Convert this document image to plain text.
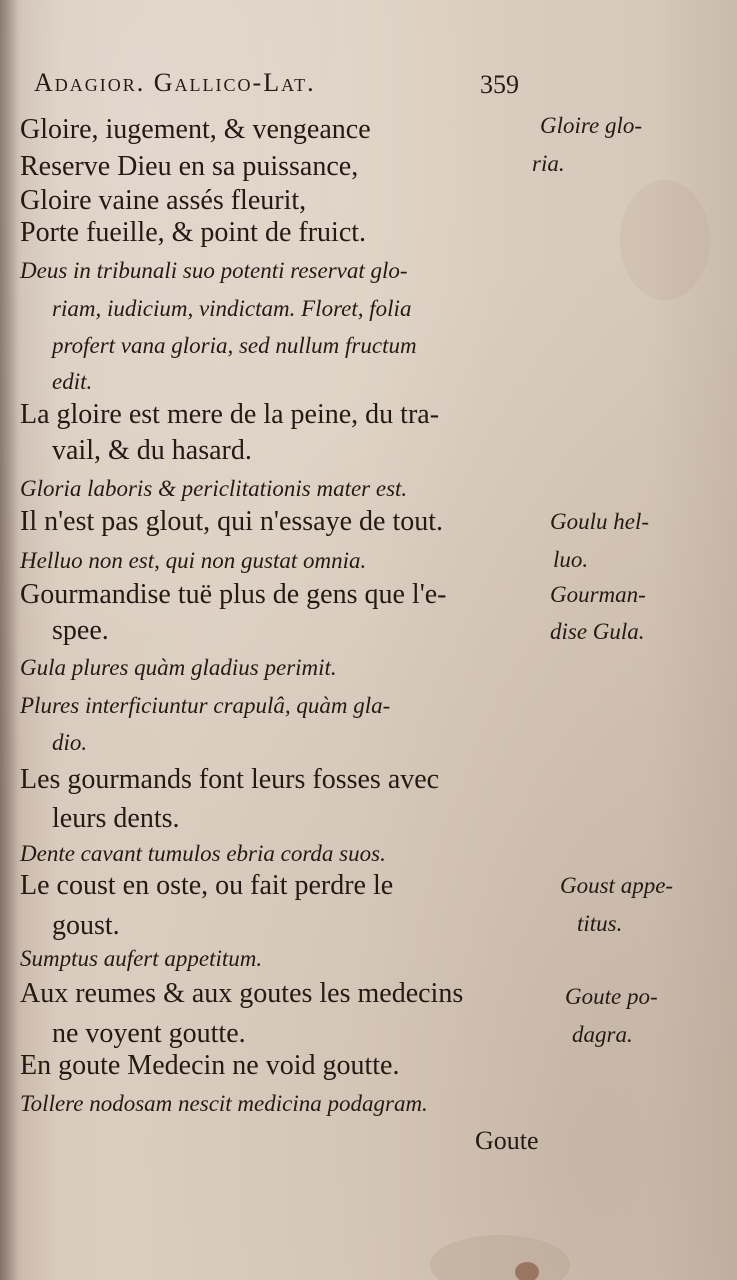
Adagior. Gallico-Lat.	359
Gloire, iugement, & vengeance
Reserve Dieu en sa puissance,
Gloire vaine assés fleurit,
Porte fueille, & point de fruict.
Deus in tribunali suo potenti reservat glo-
riam, iudicium, vindictam. Floret, folia
profert vana gloria, sed nullum fructum
edit.
La gloire est mere de la peine, du tra-
vail, & du hasard.
Gloria laboris & periclitationis mater est.
Il n'est pas glout, qui n'essaye de tout.
Helluo non est, qui non gustat omnia.
Gourmandise tuë plus de gens que l'e-
spee.
Gula plures quàm gladius perimit.
Plures interficiuntur crapulâ, quàm gla-
dio.
Les gourmands font leurs fosses avec
leurs dents.
Dente cavant tumulos ebria corda suos.
Le coust en oste, ou fait perdre le
goust.
Sumptus aufert appetitum.
Aux reumes & aux goutes les medecins
ne voyent goutte.
En goute Medecin ne void goutte.
Tollere nodosam nescit medicina podagram.
Gloire glo-
ria.
Goulu hel-
luo.
Gourman-
dise Gula.
Goust appe-
titus.
Goute po-
dagra.
Goute
